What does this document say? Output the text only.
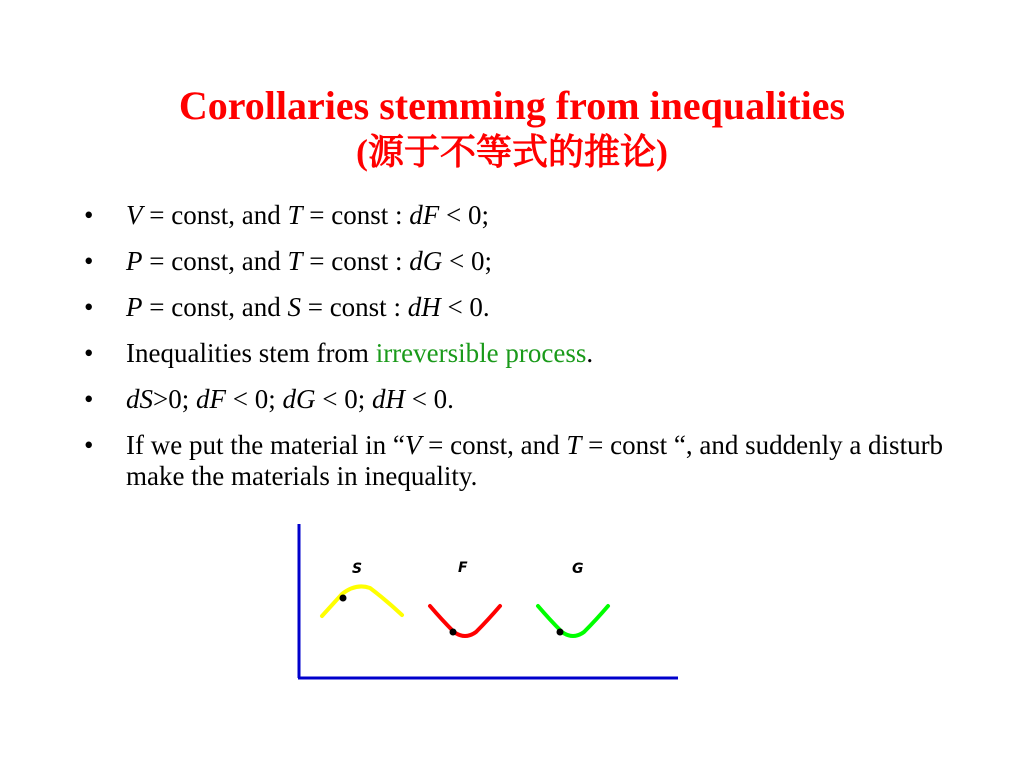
Corollaries stemming from inequalities
(源于不等式的推论)
• V = const, and T = const : dF < 0;
• P = const, and T = const : dG < 0;
• P = const, and S = const : dH < 0.
• Inequalities stem from irreversible process.
• dS>0; dF < 0; dG < 0; dH < 0.
• If we put the material in “V = const, and T = const “, and suddenly a disturb make the materials in inequality.
S	F	G
